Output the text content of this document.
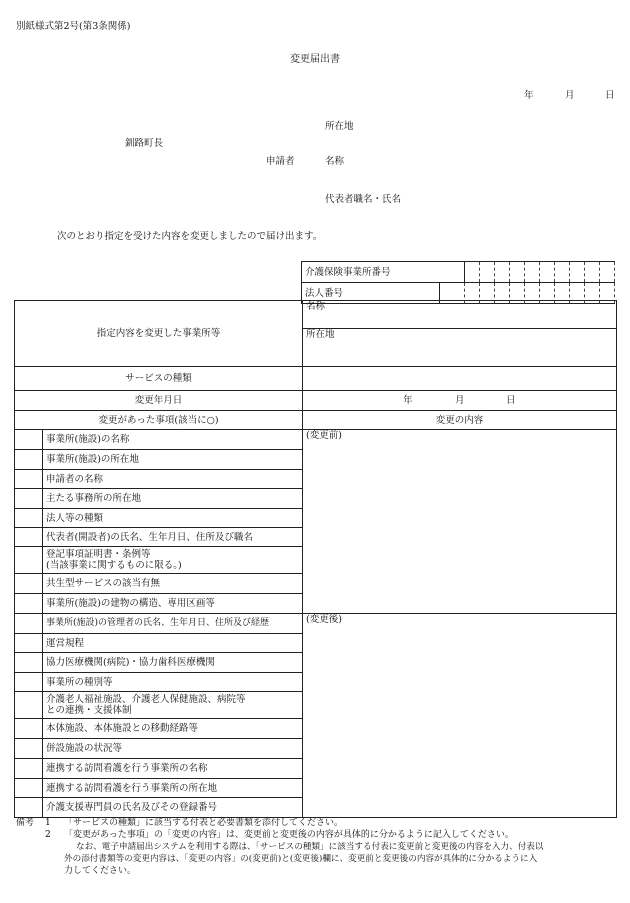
別紙様式第2号(第3条関係)
変更届出書
年	月	日
所在地
釧路町長
申請者	名称
代表者職名・氏名
次のとおり指定を受けた内容を変更しましたので届け出ます。
介護保険事業所番号											
法人番号											
指定内容を変更した事業所等		名称
		所在地
サービスの種類		
変更年月日		年 月 日

変更があった事項(該当に○)		変更の内容
	事業所(施設)の名称	(変更前)
	事業所(施設)の所在地	
	申請者の名称	
	主たる事務所の所在地	
	法人等の種類	
	代表者(開設者)の氏名、生年月日、住所及び職名	

	登記事項証明書・条例等
(当該事業に関するものに限る。)	

	共生型サービスの該当有無	
	事業所(施設)の建物の構造、専用区画等	
	事業所(施設)の管理者の氏名、生年月日、住所及び経歴	(変更後)
	運営規程	
	協力医療機関(病院)・協力歯科医療機関	
	事業所の種別等	

	介護老人福祉施設、介護老人保健施設、病院等
との連携・支援体制	

	本体施設、本体施設との移動経路等	
	併設施設の状況等	
	連携する訪問看護を行う事業所の名称	
	連携する訪問看護を行う事業所の所在地	
	介護支援専門員の氏名及びその登録番号	
備考 1 「サービスの種類」に該当する付表と必要書類を添付してください。
2 「変更があった事項」の「変更の内容」は、変更前と変更後の内容が具体的に分かるように記入してください。
なお、電子申請届出システムを利用する際は、「サービスの種類」に該当する付表に変更前と変更後の内容を入力、付表以
外の添付書類等の変更内容は、「変更の内容」の(変更前)と(変更後)欄に、変更前と変更後の内容が具体的に分かるように入
力してください。
